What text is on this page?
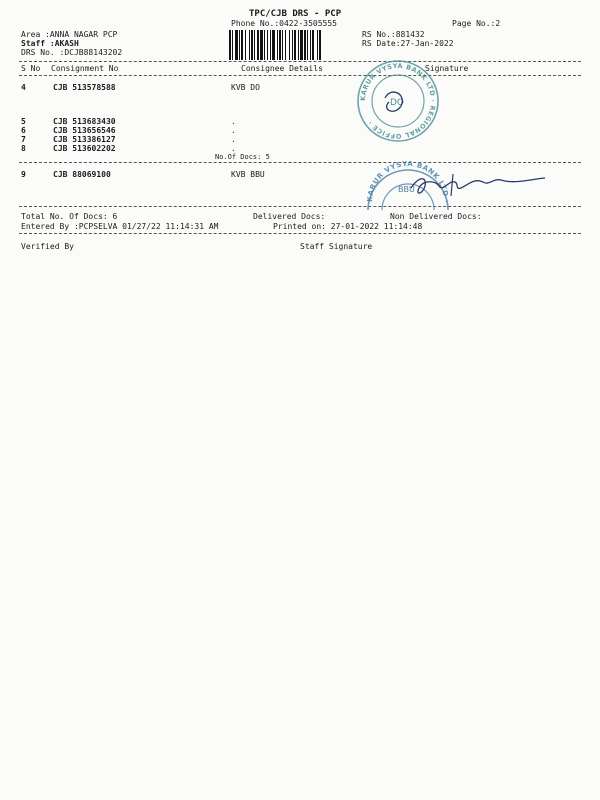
TPC/CJB DRS - PCP
Phone No.:0422-3505555	Page No.:2
Area :ANNA NAGAR PCP
Staff :AKASH
DRS No. :DCJB88143202
RS No.:881432
RS Date:27-Jan-2022
S No Consignment No	Consignee Details	Signature
4	CJB 513578588	KVB DO
5	CJB 513683430	.
6	CJB 513656546	.
7	CJB 513386127	.
8	CJB 513602202	.
No.Of Docs: 5
9	CJB 88069100	KVB BBU
Total No. Of Docs: 6	Delivered Docs:	Non Delivered Docs:
Entered By :PCPSELVA 01/27/22 11:14:31 AM	Printed on: 27-01-2022 11:14:48
Verified By	Staff Signature
KARUR VYSYA BANK LTD · REGIONAL OFFICE ·
DO
KARUR VYSYA BANK LTD ·
BBU
